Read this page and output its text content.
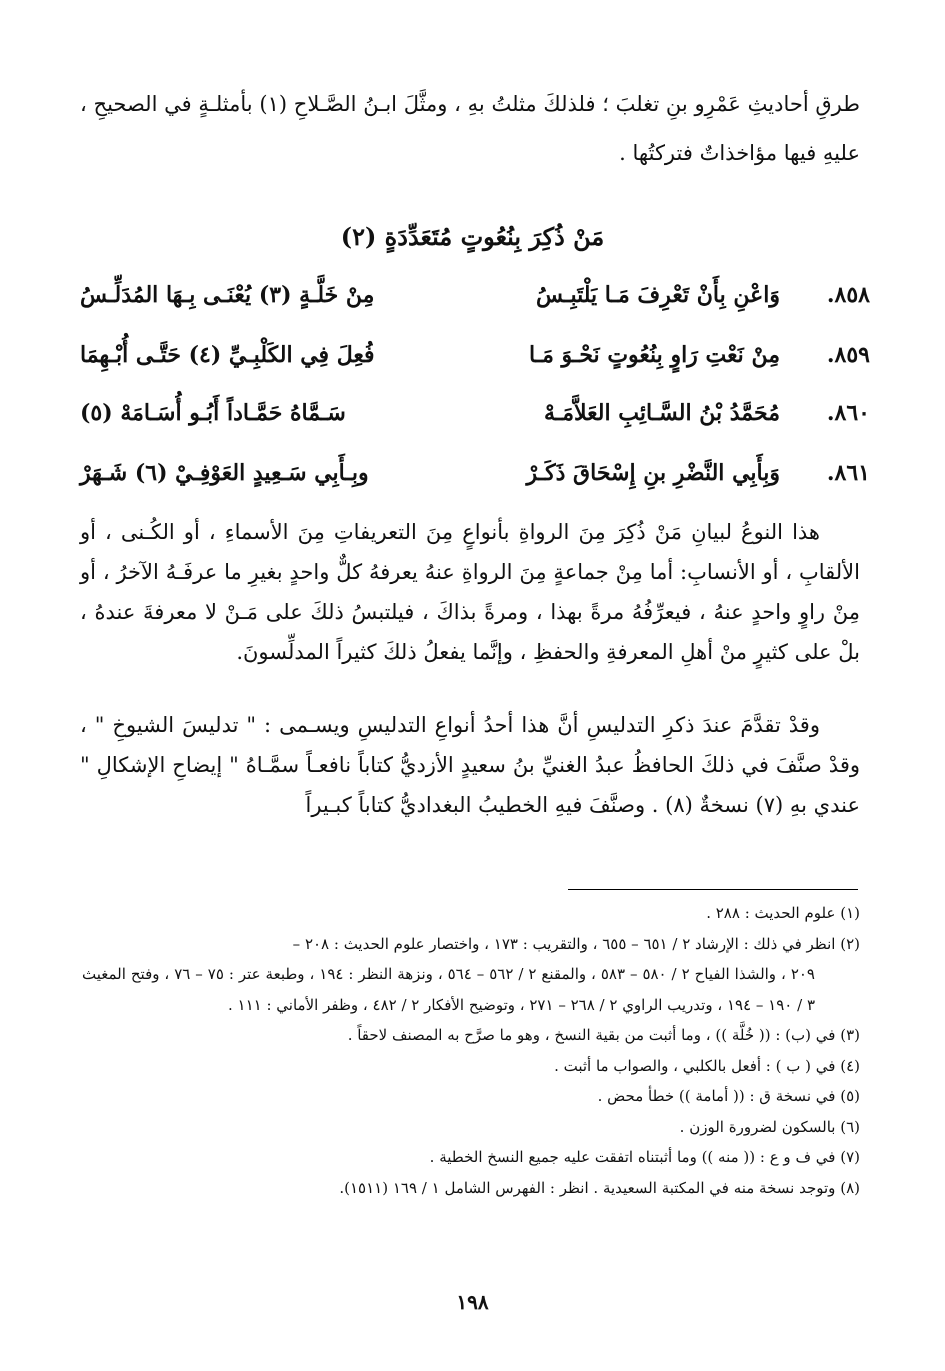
طرقِ أحاديثِ عَمْرِو بنِ تغلبَ ؛ فلذلكَ مثلتُ بهِ ، ومثَّلَ ابـنُ الصَّـلاحِ (١) بأمثلـةٍ في الصحيحِ ، عليهِ فيها مؤاخذاتٌ فتركتُها .

مَنْ ذُكِرَ بِنُعُوتٍ مُتَعَدِّدَةٍ (٢)
٨٥٨.
وَاعْنِ بِأَنْ تَعْرِفَ مَـا يَلْتَبِـسُ
مِنْ خَلَّـةٍ (٣) يُعْنَـى بِـهَا المُدَلِّـسُ
٨٥٩.
مِنْ نَعْتِ رَاوٍ بِنُعُوتٍ نَحْـوَ مَـا
فُعِلَ فِي الكَلْبِـيِّ (٤) حَتَّـى أُبْـهِمَا
٨٦٠.
مُحَمَّدُ بْنُ السَّـائِبِ العَلاَّمَـهْ
سَـمَّاهُ حَمَّـاداً أَبُـو أُسَـامَهْ (٥)
٨٦١.
وَبِأَبِي النَّضْرِ بنِ إِسْحَاقَ ذَكَـرْ
وبِـأَبِي سَـعِيدٍ العَوْفِـيْ (٦) شَـهَرْ

هذا النوعُ لبيانِ مَنْ ذُكِرَ مِنَ الرواةِ بأنواعٍ مِنَ التعريفاتِ مِنَ الأسماءِ ، أو الكُـنى ، أو الألقابِ ، أو الأنسابِ: أما مِنْ جماعةٍ مِنَ الرواةِ عنهُ يعرفهُ كلٌّ واحدٍ بغيرِ ما عرفَـهُ الآخرُ ، أو مِنْ راوٍ واحدٍ عنهُ ، فيعرِّفُهُ مرةً بهذا ، ومرةً بذاكَ ، فيلتبسُ ذلكَ على مَـنْ لا معرفةَ عندهُ ، بلْ على كثيرٍ منْ أهلِ المعرفةِ والحفظِ ، وإنَّما يفعلُ ذلكَ كثيراً المدلِّسونَ.

وقدْ تقدَّمَ عندَ ذكرِ التدليسِ أنَّ هذا أحدُ أنواعِ التدليسِ ويسـمى : " تدليسَ الشيوخِ " ، وقدْ صنَّفَ في ذلكَ الحافظُ عبدُ الغنيِّ بنُ سعيدٍ الأزديُّ كتاباً نافعـاً سمَّـاهُ " إيضاحِ الإشكالِ " عندي بهِ (٧) نسخةٌ (٨) . وصنَّفَ فيهِ الخطيبُ البغداديُّ كتاباً كبـيراً

(١) علوم الحديث : ٢٨٨ .
(٢) انظر في ذلك : الإرشاد ٢ / ٦٥١ – ٦٥٥ ، والتقريب : ١٧٣ ، واختصار علوم الحديث : ٢٠٨ –
٢٠٩ ، والشذا الفياح ٢ / ٥٨٠ – ٥٨٣ ، والمقنع ٢ / ٥٦٢ – ٥٦٤ ، ونزهة النظر : ١٩٤ ، وطبعة عتر : ٧٥ – ٧٦ ، وفتح المغيث ٣ / ١٩٠ – ١٩٤ ، وتدريب الراوي ٢ / ٢٦٨ – ٢٧١ ، وتوضيح الأفكار ٢ / ٤٨٢ ، وظفر الأماني : ١١١ .
(٣) في (ب) : (( خُلَّة )) ، وما أثبت من بقية النسخ ، وهو ما صرَّح به المصنف لاحقاً .
(٤) في ( ب ) : أفعل بالكلبي ، والصواب ما أثبت .
(٥) في نسخة ق : (( أمامة )) خطأ محض .
(٦) بالسكون لضرورة الوزن .
(٧) في ف و ع : (( منه )) وما أثبتناه اتفقت عليه جميع النسخ الخطية .
(٨) وتوجد نسخة منه في المكتبة السعيدية . انظر : الفهرس الشامل ١ / ١٦٩ (١٥١١).
١٩٨
